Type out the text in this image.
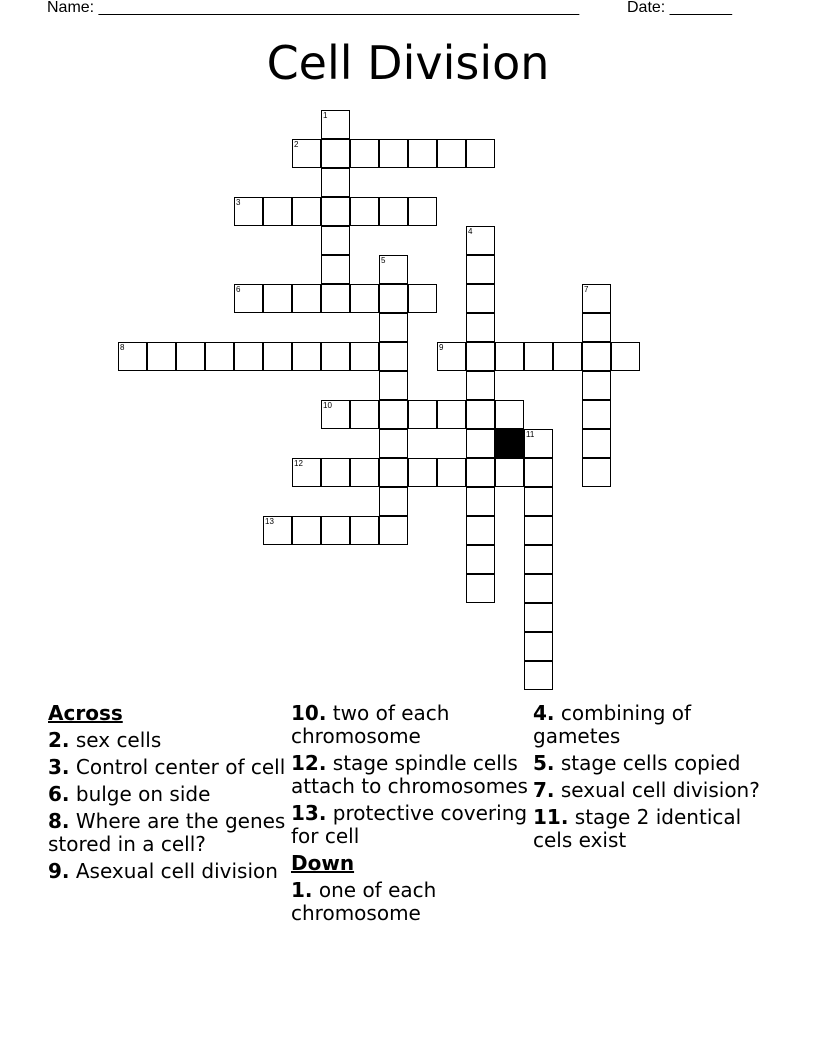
Name: ______________________________________________________	Date: _______
Cell Division
1
2
3
4
5
6	7
8	9
10
11
12
13
Across
2. sex cells
3. Control center of cell
6. bulge on side
8. Where are the genes stored in a cell?
9. Asexual cell division
10. two of each chromosome
12. stage spindle cells attach to chromosomes
13. protective covering for cell
Down
1. one of each chromosome
4. combining of gametes
5. stage cells copied
7. sexual cell division?
11. stage 2 identical cels exist
